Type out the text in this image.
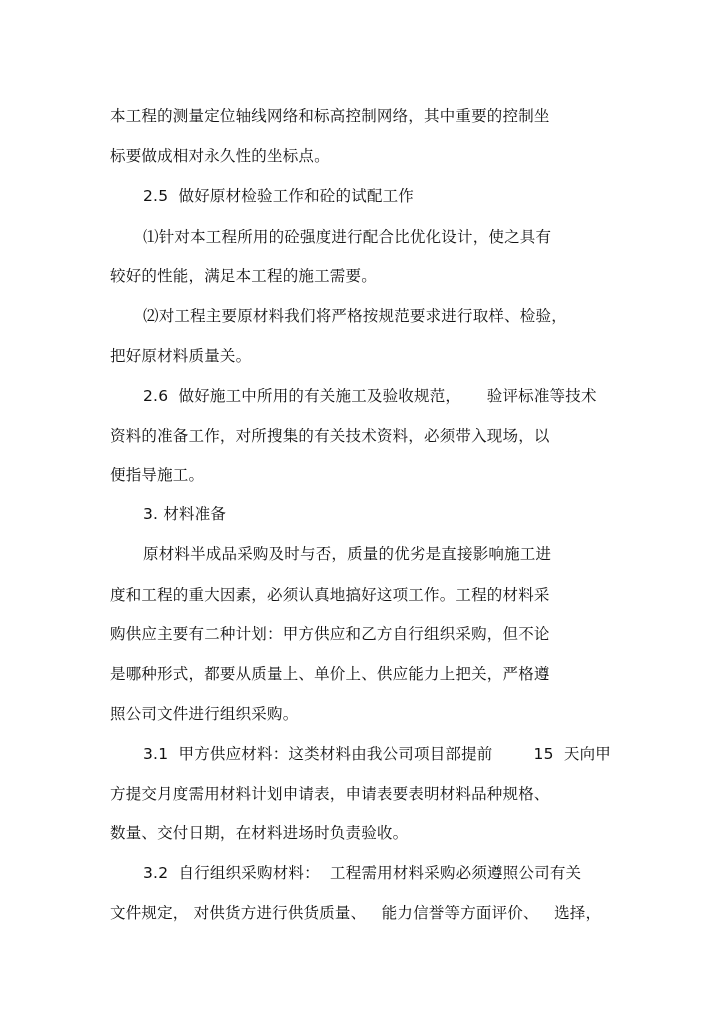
本工程的测量定位轴线网络和标高控制网络，其中重要的控制坐
标要做成相对永久性的坐标点。
2.5  做好原材检验工作和砼的试配工作
⑴针对本工程所用的砼强度进行配合比优化设计，使之具有
较好的性能，满足本工程的施工需要。
⑵对工程主要原材料我们将严格按规范要求进行取样、检验，
把好原材料质量关。
2.6  做好施工中所用的有关施工及验收规范，     验评标准等技术
资料的准备工作，对所搜集的有关技术资料，必须带入现场，以
便指导施工。
3. 材料准备
原材料半成品采购及时与否，质量的优劣是直接影响施工进
度和工程的重大因素，必须认真地搞好这项工作。工程的材料采
购供应主要有二种计划：甲方供应和乙方自行组织采购，但不论
是哪种形式，都要从质量上、单价上、供应能力上把关，严格遵
照公司文件进行组织采购。
3.1  甲方供应材料：这类材料由我公司项目部提前        15  天向甲
方提交月度需用材料计划申请表，申请表要表明材料品种规格、
数量、交付日期，在材料进场时负责验收。
3.2  自行组织采购材料：  工程需用材料采购必须遵照公司有关
文件规定， 对供货方进行供货质量、   能力信誉等方面评价、   选择，
